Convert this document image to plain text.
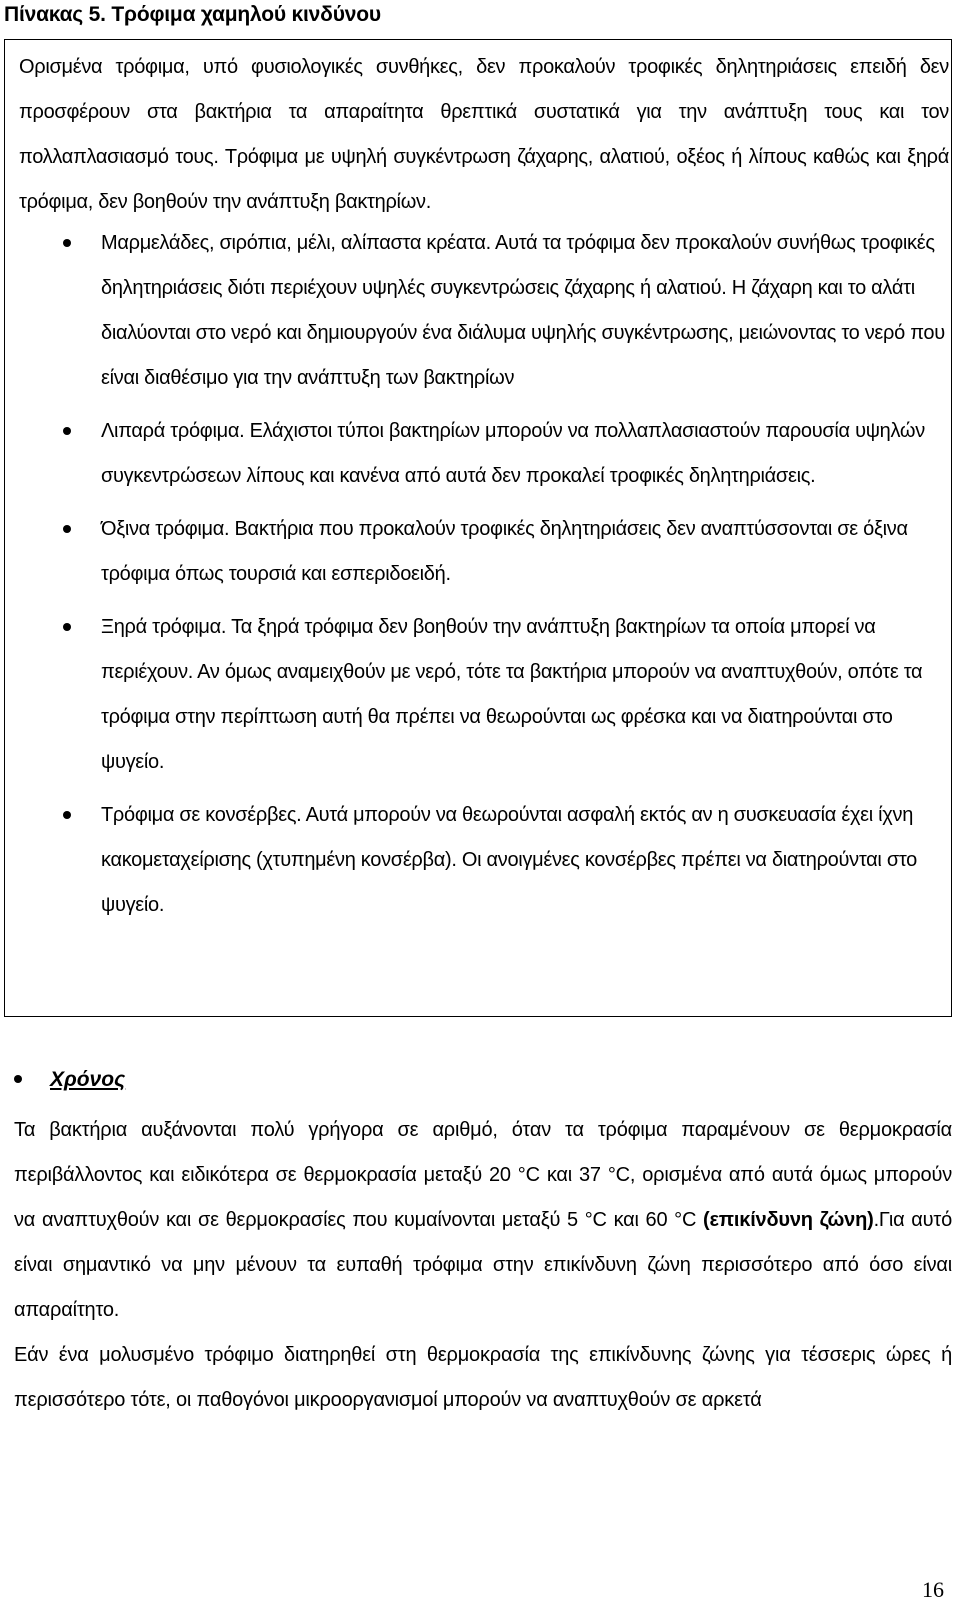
Πίνακας 5. Τρόφιμα χαμηλού κινδύνου

Ορισμένα τρόφιμα, υπό φυσιολογικές συνθήκες, δεν προκαλούν τροφικές δηλητηριάσεις επειδή δεν προσφέρουν στα βακτήρια τα απαραίτητα θρεπτικά συστατικά για την ανάπτυξη τους και τον πολλαπλασιασμό τους. Τρόφιμα με υψηλή συγκέντρωση ζάχαρης, αλατιού, οξέος ή λίπους καθώς και ξηρά τρόφιμα, δεν βοηθούν την ανάπτυξη βακτηρίων.

Μαρμελάδες, σιρόπια, μέλι, αλίπαστα κρέατα. Αυτά τα τρόφιμα δεν προκαλούν συνήθως τροφικές δηλητηριάσεις διότι περιέχουν υψηλές συγκεντρώσεις ζάχαρης ή αλατιού. Η ζάχαρη και το αλάτι διαλύονται στο νερό και δημιουργούν ένα διάλυμα υψηλής συγκέντρωσης, μειώνοντας το νερό που είναι διαθέσιμο για την ανάπτυξη των βακτηρίων
Λιπαρά τρόφιμα. Ελάχιστοι τύποι βακτηρίων μπορούν να πολλαπλασιαστούν παρουσία υψηλών συγκεντρώσεων λίπους και κανένα από αυτά δεν προκαλεί τροφικές δηλητηριάσεις.
Όξινα τρόφιμα. Βακτήρια που προκαλούν τροφικές δηλητηριάσεις δεν αναπτύσσονται σε όξινα τρόφιμα όπως τουρσιά και εσπεριδοειδή.
Ξηρά τρόφιμα. Τα ξηρά τρόφιμα δεν βοηθούν την ανάπτυξη βακτηρίων τα οποία μπορεί να περιέχουν. Αν όμως αναμειχθούν με νερό, τότε τα βακτήρια μπορούν να αναπτυχθούν, οπότε τα τρόφιμα στην περίπτωση αυτή θα πρέπει να θεωρούνται ως φρέσκα και να διατηρούνται στο ψυγείο.
Τρόφιμα σε κονσέρβες. Αυτά μπορούν να θεωρούνται ασφαλή εκτός αν η συσκευασία έχει ίχνη κακομεταχείρισης (χτυπημένη κονσέρβα). Οι ανοιγμένες κονσέρβες πρέπει να διατηρούνται στο ψυγείο.
Χρόνος

Τα βακτήρια αυξάνονται πολύ γρήγορα σε αριθμό, όταν τα τρόφιμα παραμένουν σε θερμοκρασία περιβάλλοντος και ειδικότερα σε θερμοκρασία μεταξύ 20 °C και 37 °C, ορισμένα από αυτά όμως μπορούν να αναπτυχθούν και σε θερμοκρασίες που κυμαίνονται μεταξύ 5 °C και 60 °C (επικίνδυνη ζώνη).Για αυτό είναι σημαντικό να μην μένουν τα ευπαθή τρόφιμα στην επικίνδυνη ζώνη περισσότερο από όσο είναι απαραίτητο.

Εάν ένα μολυσμένο τρόφιμο διατηρηθεί στη θερμοκρασία της επικίνδυνης ζώνης για τέσσερις ώρες ή περισσότερο τότε, οι παθογόνοι μικροοργανισμοί μπορούν να αναπτυχθούν σε αρκετά

16
